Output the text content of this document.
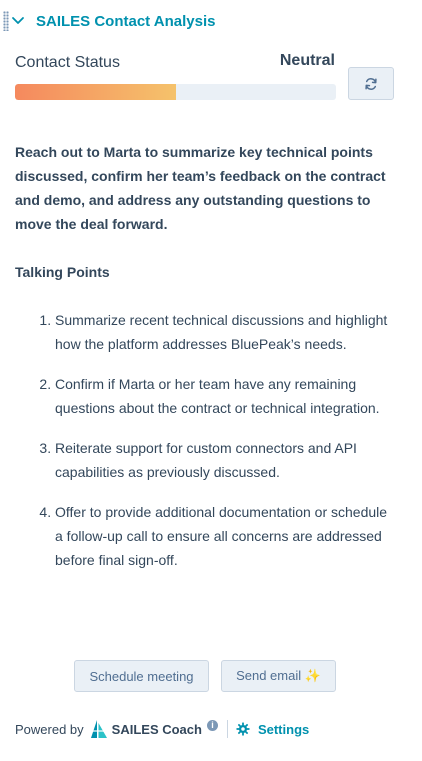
SAILES Contact Analysis
Contact Status	Neutral

Reach out to Marta to summarize key technical points discussed, confirm her team’s feedback on the contract and demo, and address any outstanding questions to move the deal forward.

Talking Points
1. Summarize recent technical discussions and highlight how the platform addresses BluePeak’s needs.
2. Confirm if Marta or her team have any remaining questions about the contract or technical integration.
3. Reiterate support for custom connectors and API capabilities as previously discussed.
4. Offer to provide additional documentation or schedule a follow-up call to ensure all concerns are addressed before final sign-off.
Schedule meeting	Send email ✨
Powered by SAILES Coach	i	Settings
